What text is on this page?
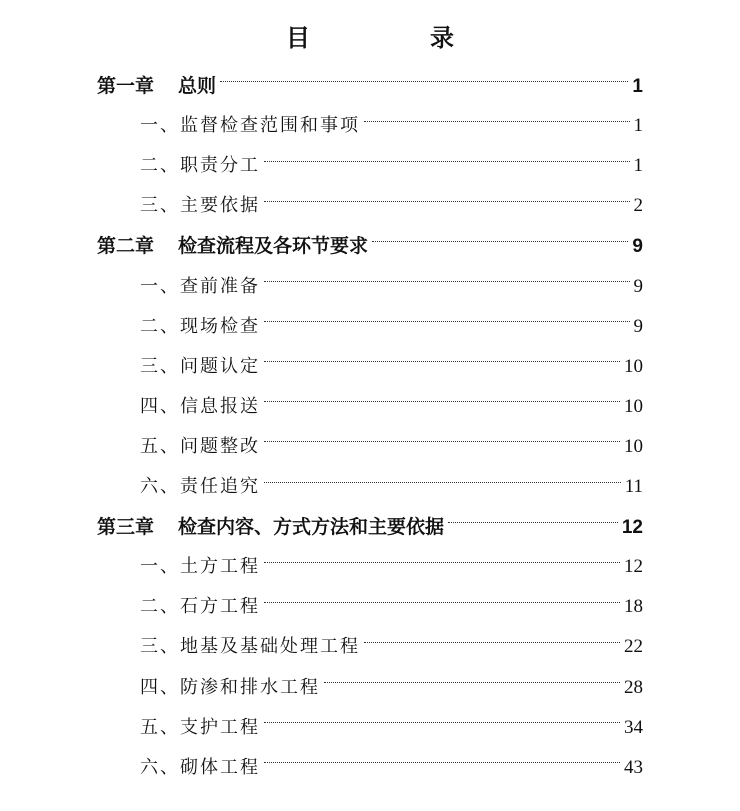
目　录
第一章 总则	1
一、监督检查范围和事项	1
二、职责分工	1
三、主要依据	2
第二章 检查流程及各环节要求	9
一、查前准备	9
二、现场检查	9
三、问题认定	10
四、信息报送	10
五、问题整改	10
六、责任追究	11
第三章 检查内容、方式方法和主要依据	12
一、土方工程	12
二、石方工程	18
三、地基及基础处理工程	22
四、防渗和排水工程	28
五、支护工程	34
六、砌体工程	43
